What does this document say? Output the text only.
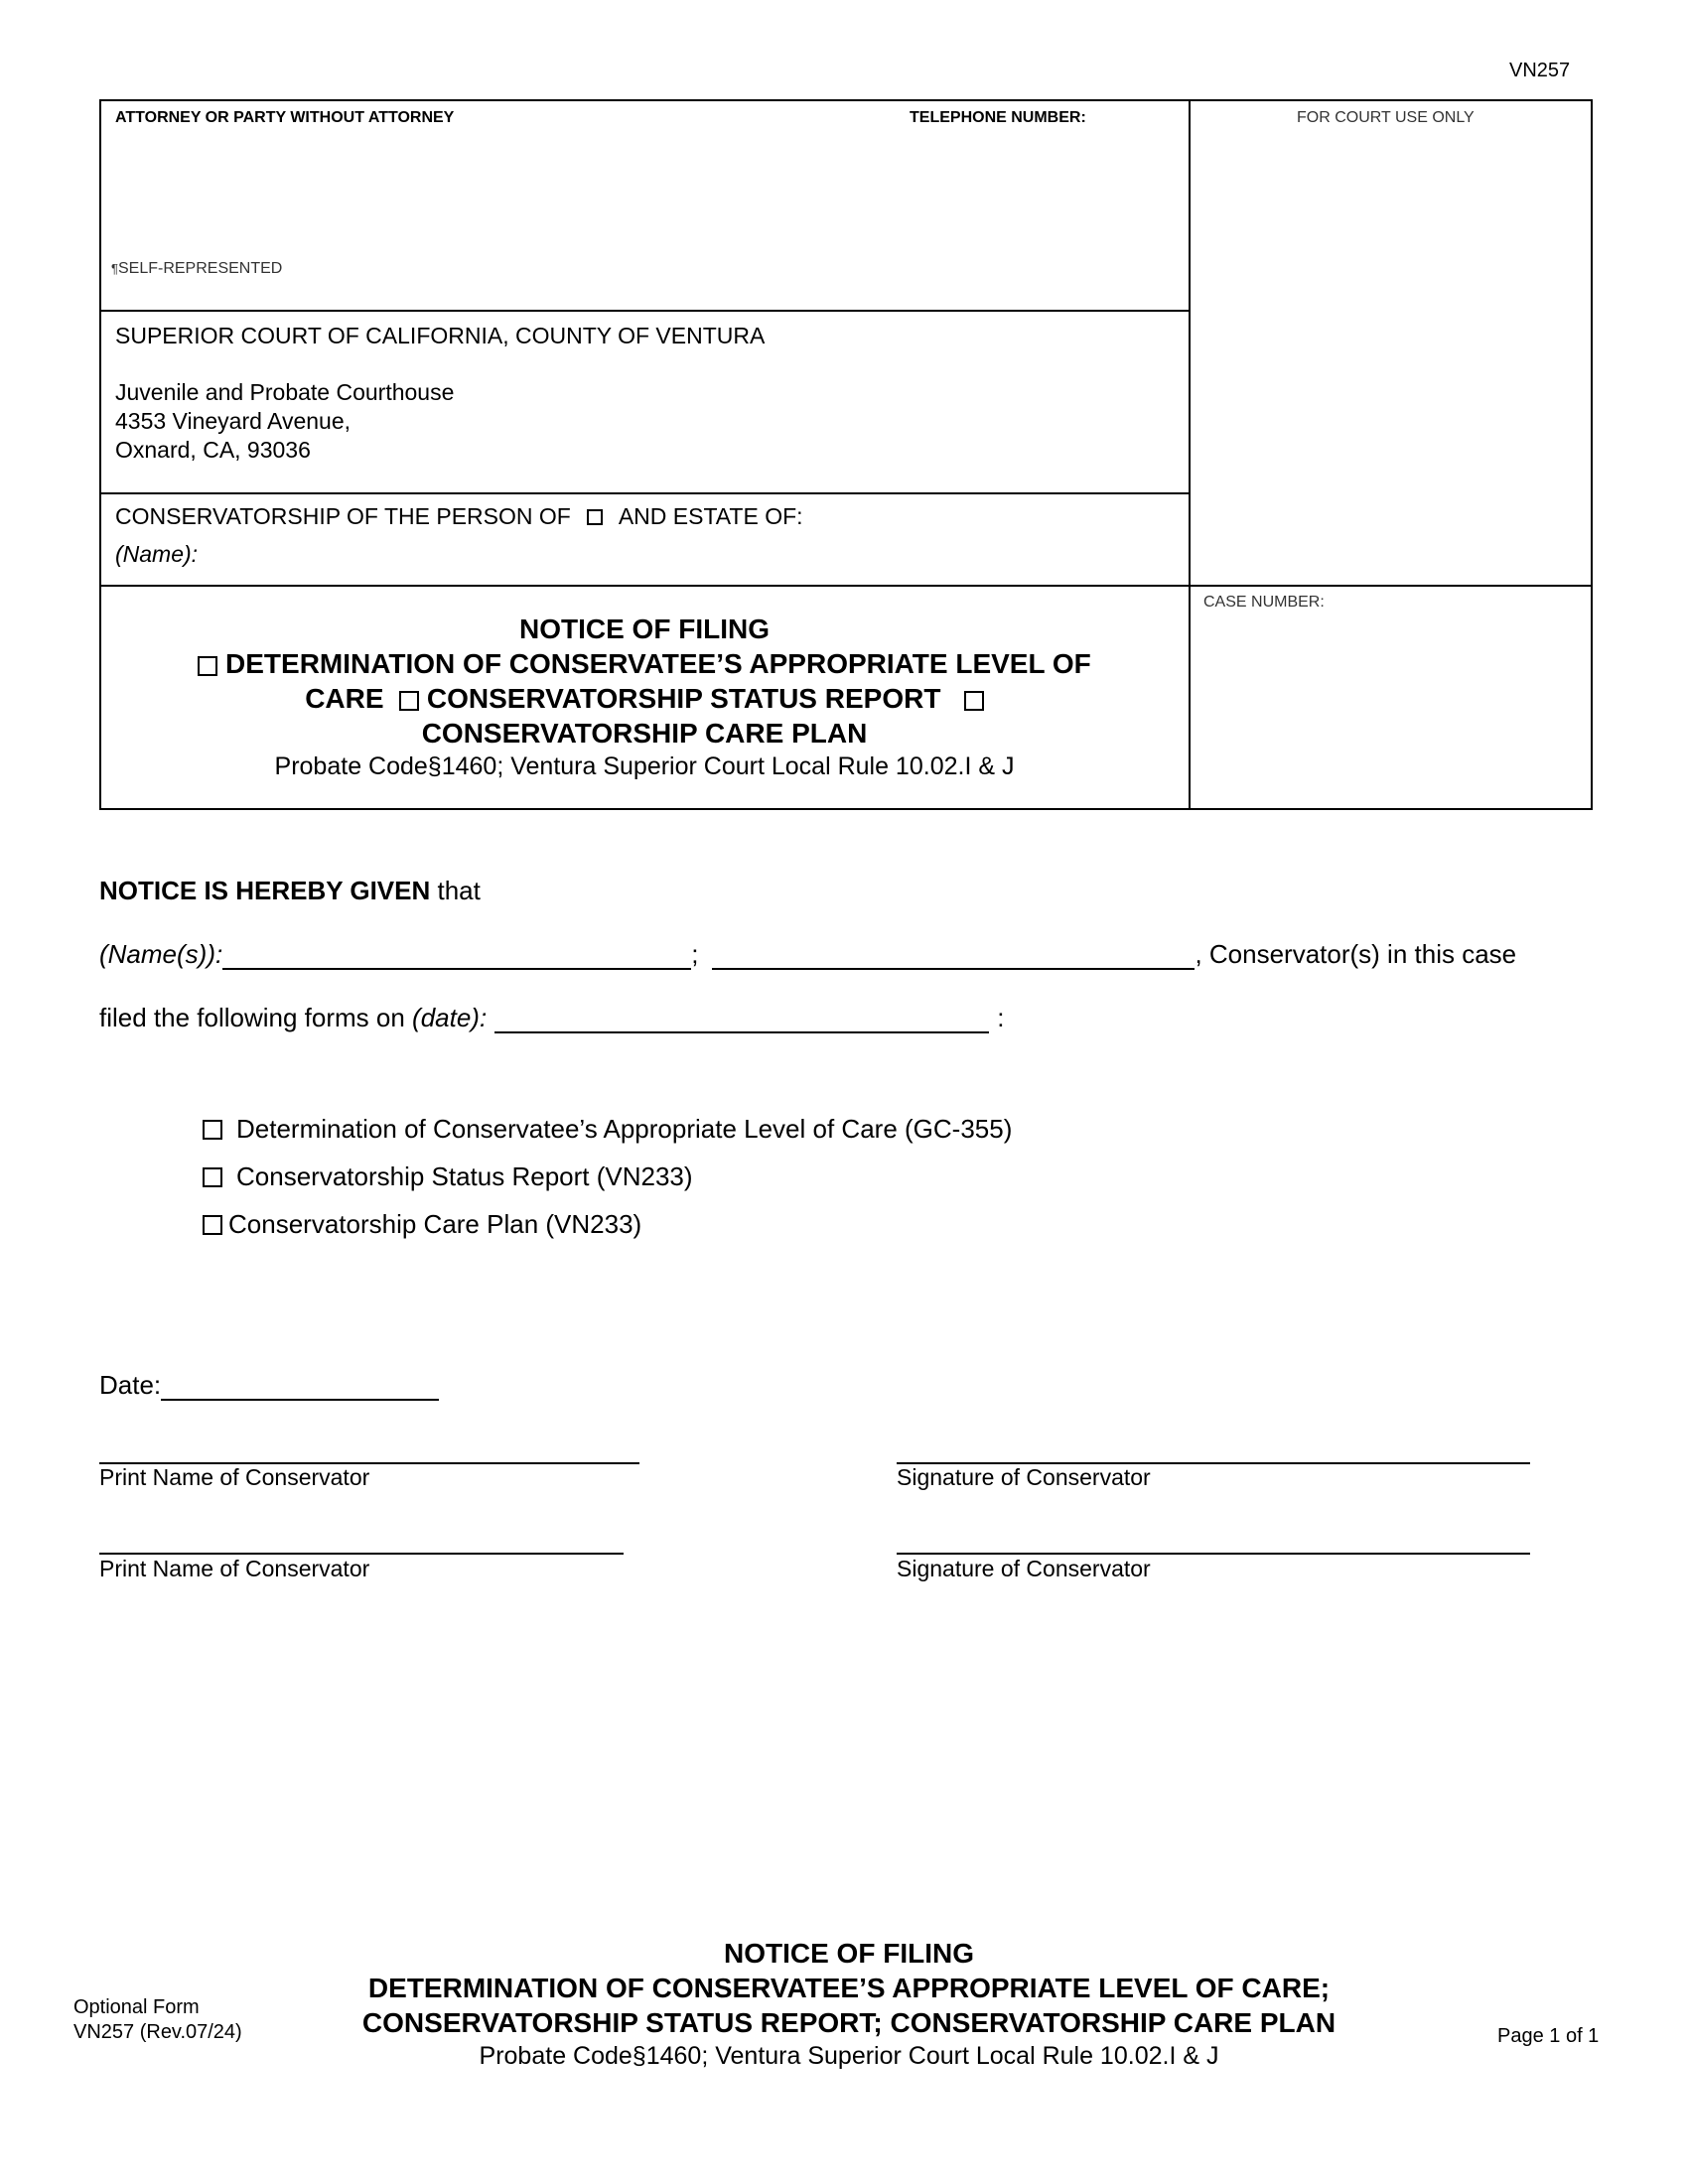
VN257
ATTORNEY OR PARTY WITHOUT ATTORNEY	TELEPHONE NUMBER:
¶SELF-REPRESENTED
FOR COURT USE ONLY
SUPERIOR COURT OF CALIFORNIA, COUNTY OF VENTURA
Juvenile and Probate Courthouse
4353 Vineyard Avenue,
Oxnard, CA, 93036
CONSERVATORSHIP OF THE PERSON OF AND ESTATE OF:
(Name):
CASE NUMBER:
NOTICE OF FILING
DETERMINATION OF CONSERVATEE’S APPROPRIATE LEVEL OF
CARE CONSERVATORSHIP STATUS REPORT
CONSERVATORSHIP CARE PLAN
Probate Code§1460; Ventura Superior Court Local Rule 10.02.I & J
NOTICE IS HEREBY GIVEN that
(Name(s)):	;	, Conservator(s) in this case
filed the following forms on (date):	:
Determination of Conservatee’s Appropriate Level of Care (GC-355)
Conservatorship Status Report (VN233)
Conservatorship Care Plan (VN233)
Date:
Print Name of Conservator	Signature of Conservator
Print Name of Conservator	Signature of Conservator
NOTICE OF FILING
DETERMINATION OF CONSERVATEE’S APPROPRIATE LEVEL OF CARE;
CONSERVATORSHIP STATUS REPORT; CONSERVATORSHIP CARE PLAN
Probate Code§1460; Ventura Superior Court Local Rule 10.02.I & J
Optional Form
VN257 (Rev.07/24)	Page 1 of 1
